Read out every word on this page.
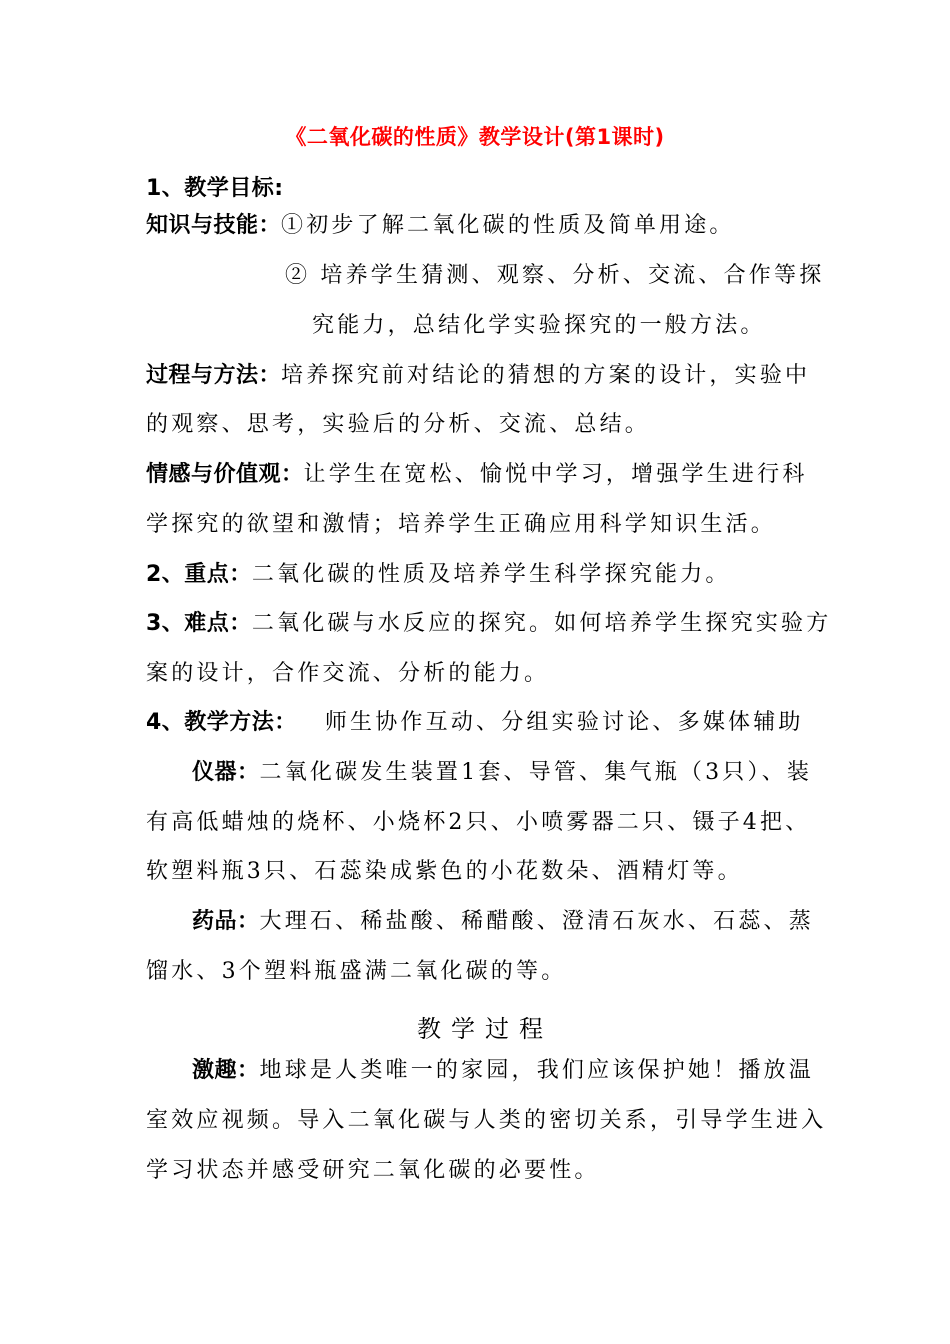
《二氧化碳的性质》教学设计(第1课时)
1、教学目标:
知识与技能：①初步了解二氧化碳的性质及简单用途。
② 培养学生猜测、观察、分析、交流、合作等探
究能力，总结化学实验探究的一般方法。
过程与方法：培养探究前对结论的猜想的方案的设计，实验中
的观察、思考，实验后的分析、交流、总结。
情感与价值观：让学生在宽松、愉悦中学习，增强学生进行科
学探究的欲望和激情；培养学生正确应用科学知识生活。
2、重点：二氧化碳的性质及培养学生科学探究能力。
3、难点：二氧化碳与水反应的探究。如何培养学生探究实验方
案的设计，合作交流、分析的能力。
4、教学方法： 师生协作互动、分组实验讨论、多媒体辅助
仪器：二氧化碳发生装置1套、导管、集气瓶（3只）、装
有高低蜡烛的烧杯、小烧杯2只、小喷雾器二只、镊子4把、
软塑料瓶3只、石蕊染成紫色的小花数朵、酒精灯等。
药品：大理石、稀盐酸、稀醋酸、澄清石灰水、石蕊、蒸
馏水、3个塑料瓶盛满二氧化碳的等。
教学过程
激趣：地球是人类唯一的家园，我们应该保护她！播放温
室效应视频。导入二氧化碳与人类的密切关系，引导学生进入
学习状态并感受研究二氧化碳的必要性。
